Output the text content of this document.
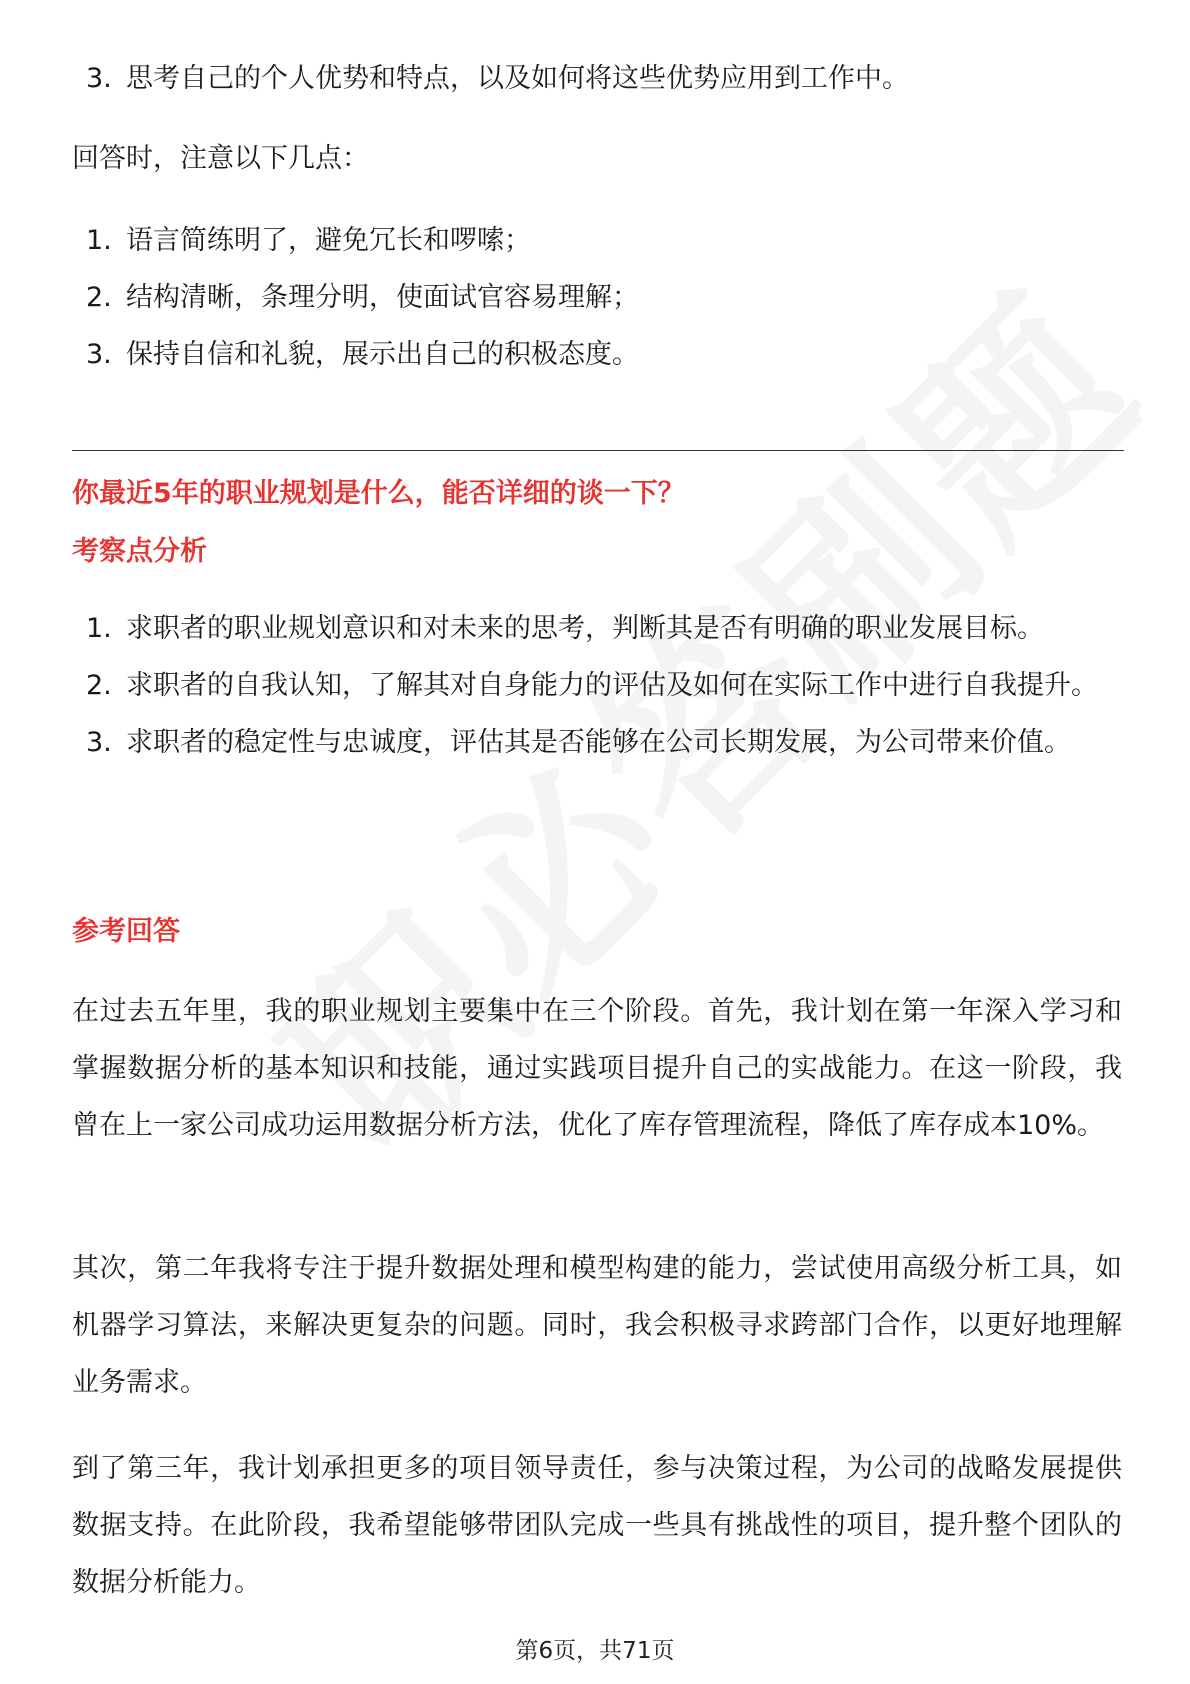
3. 思考自己的个人优势和特点，以及如何将这些优势应用到工作中。
回答时，注意以下几点：
1. 语言简练明了，避免冗长和啰嗦；
2. 结构清晰，条理分明，使面试官容易理解；
3. 保持自信和礼貌，展示出自己的积极态度。
你最近5年的职业规划是什么，能否详细的谈一下？
考察点分析
1. 求职者的职业规划意识和对未来的思考，判断其是否有明确的职业发展目标。
2. 求职者的自我认知，了解其对自身能力的评估及如何在实际工作中进行自我提升。
3. 求职者的稳定性与忠诚度，评估其是否能够在公司长期发展，为公司带来价值。
参考回答
在过去五年里，我的职业规划主要集中在三个阶段。首先，我计划在第一年深入学习和掌握数据分析的基本知识和技能，通过实践项目提升自己的实战能力。在这一阶段，我曾在上一家公司成功运用数据分析方法，优化了库存管理流程，降低了库存成本10%。
其次，第二年我将专注于提升数据处理和模型构建的能力，尝试使用高级分析工具，如机器学习算法，来解决更复杂的问题。同时，我会积极寻求跨部门合作，以更好地理解业务需求。
到了第三年，我计划承担更多的项目领导责任，参与决策过程，为公司的战略发展提供数据支持。在此阶段，我希望能够带团队完成一些具有挑战性的项目，提升整个团队的数据分析能力。
第6页，共71页
